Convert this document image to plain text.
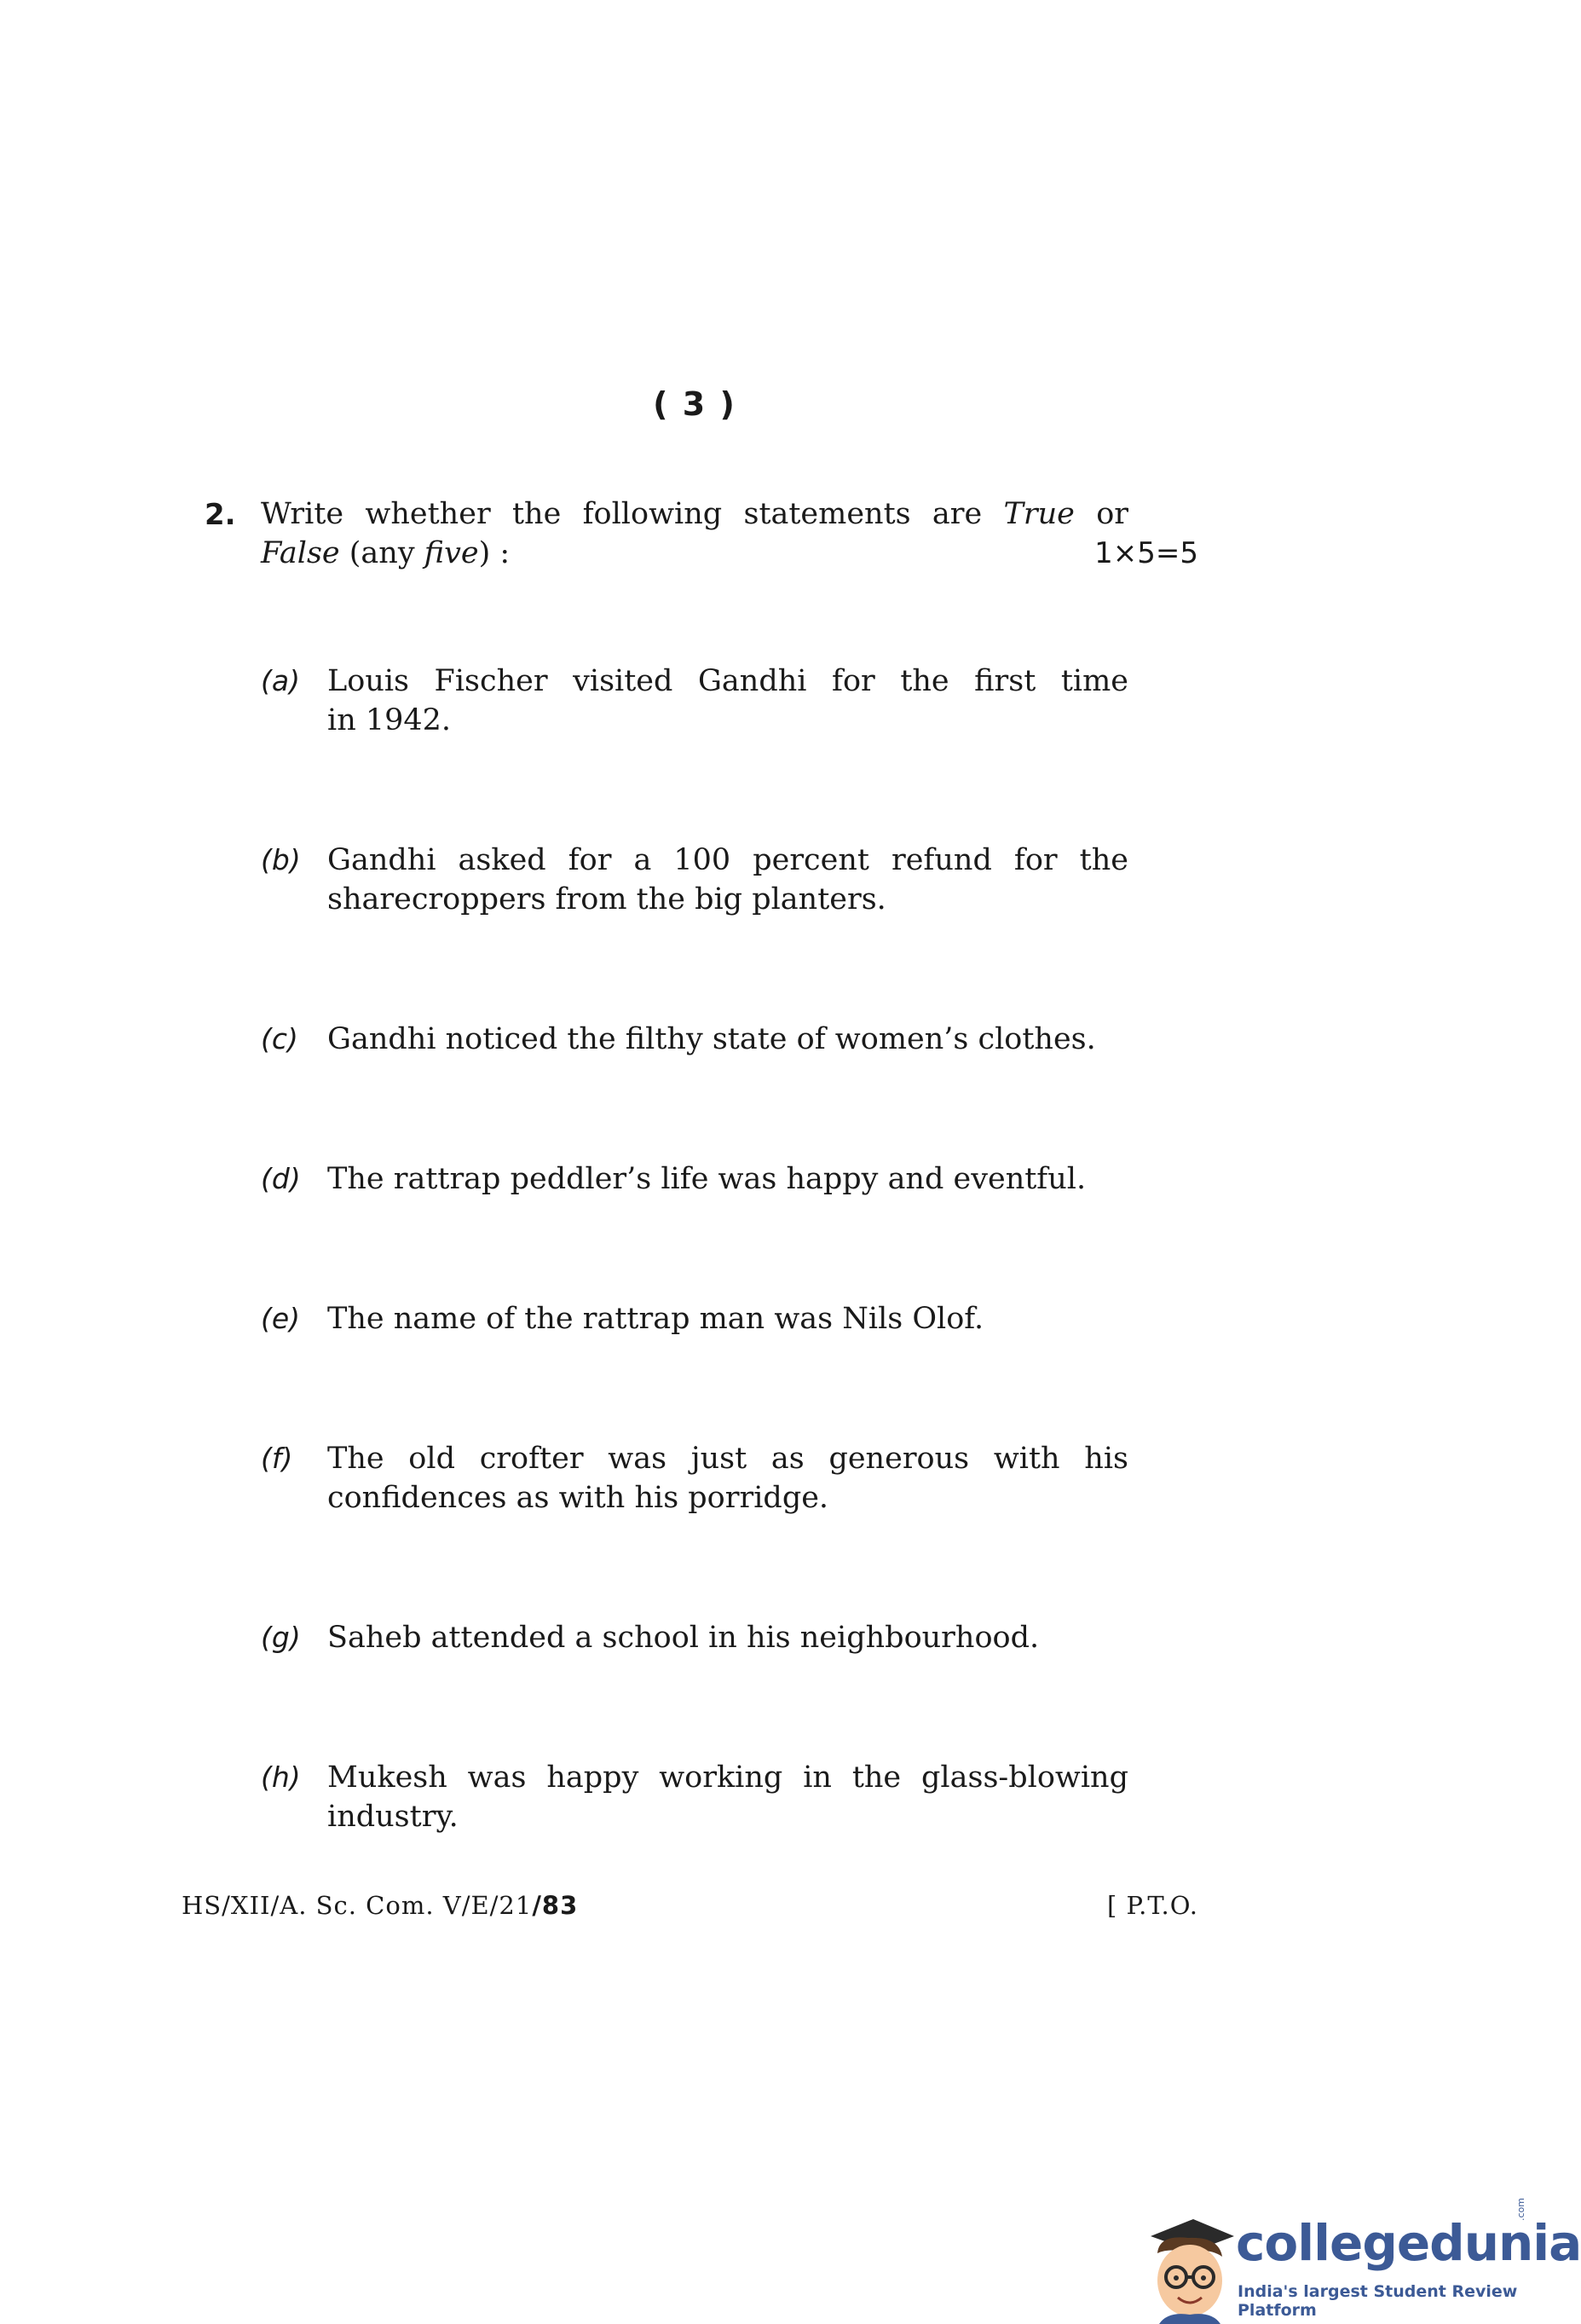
( 3 )
2. Write whether the following statements are True or
False (any five) :	1×5=5
(a) Louis Fischer visited Gandhi for the first time
in 1942.
(b) Gandhi asked for a 100 percent refund for the
sharecroppers from the big planters.
(c) Gandhi noticed the filthy state of women’s clothes.
(d) The rattrap peddler’s life was happy and eventful.
(e) The name of the rattrap man was Nils Olof.
(f) The old crofter was just as generous with his
confidences as with his porridge.
(g) Saheb attended a school in his neighbourhood.
(h) Mukesh was happy working in the glass-blowing
industry.
HS/XII/A. Sc. Com. V/E/21/83	[ P.T.O.
collegedunia
.com
India's largest Student Review Platform
